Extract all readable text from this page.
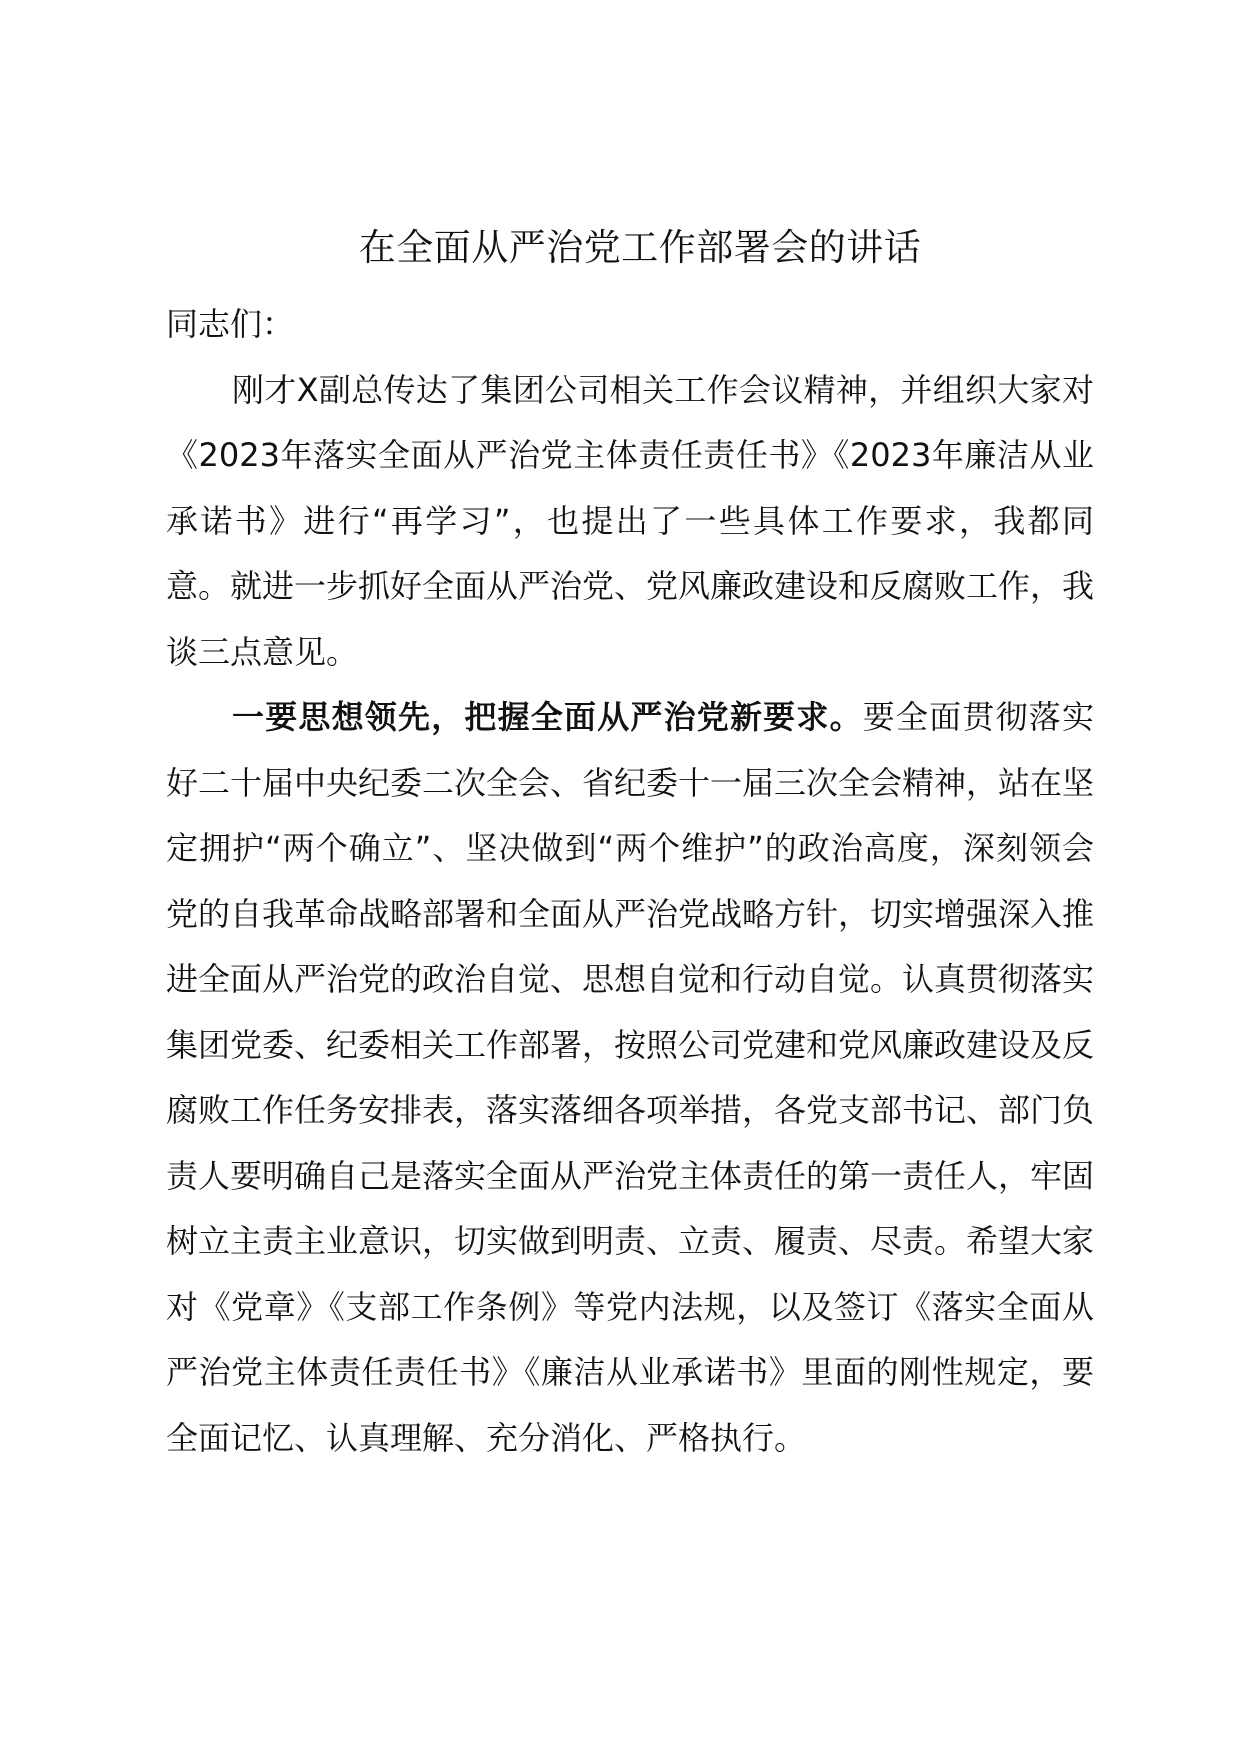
在全面从严治党工作部署会的讲话

同志们：

刚才X副总传达了集团公司相关工作会议精神，并组织大家对《2023年落实全面从严治党主体责任责任书》《2023年廉洁从业承诺书》进行“再学习”，也提出了一些具体工作要求，我都同意。就进一步抓好全面从严治党、党风廉政建设和反腐败工作，我谈三点意见。

一要思想领先，把握全面从严治党新要求。要全面贯彻落实好二十届中央纪委二次全会、省纪委十一届三次全会精神，站在坚定拥护“两个确立”、坚决做到“两个维护”的政治高度，深刻领会党的自我革命战略部署和全面从严治党战略方针，切实增强深入推进全面从严治党的政治自觉、思想自觉和行动自觉。认真贯彻落实集团党委、纪委相关工作部署，按照公司党建和党风廉政建设及反腐败工作任务安排表，落实落细各项举措，各党支部书记、部门负责人要明确自己是落实全面从严治党主体责任的第一责任人，牢固树立主责主业意识，切实做到明责、立责、履责、尽责。希望大家对《党章》《支部工作条例》等党内法规，以及签订《落实全面从严治党主体责任责任书》《廉洁从业承诺书》里面的刚性规定，要全面记忆、认真理解、充分消化、严格执行。
